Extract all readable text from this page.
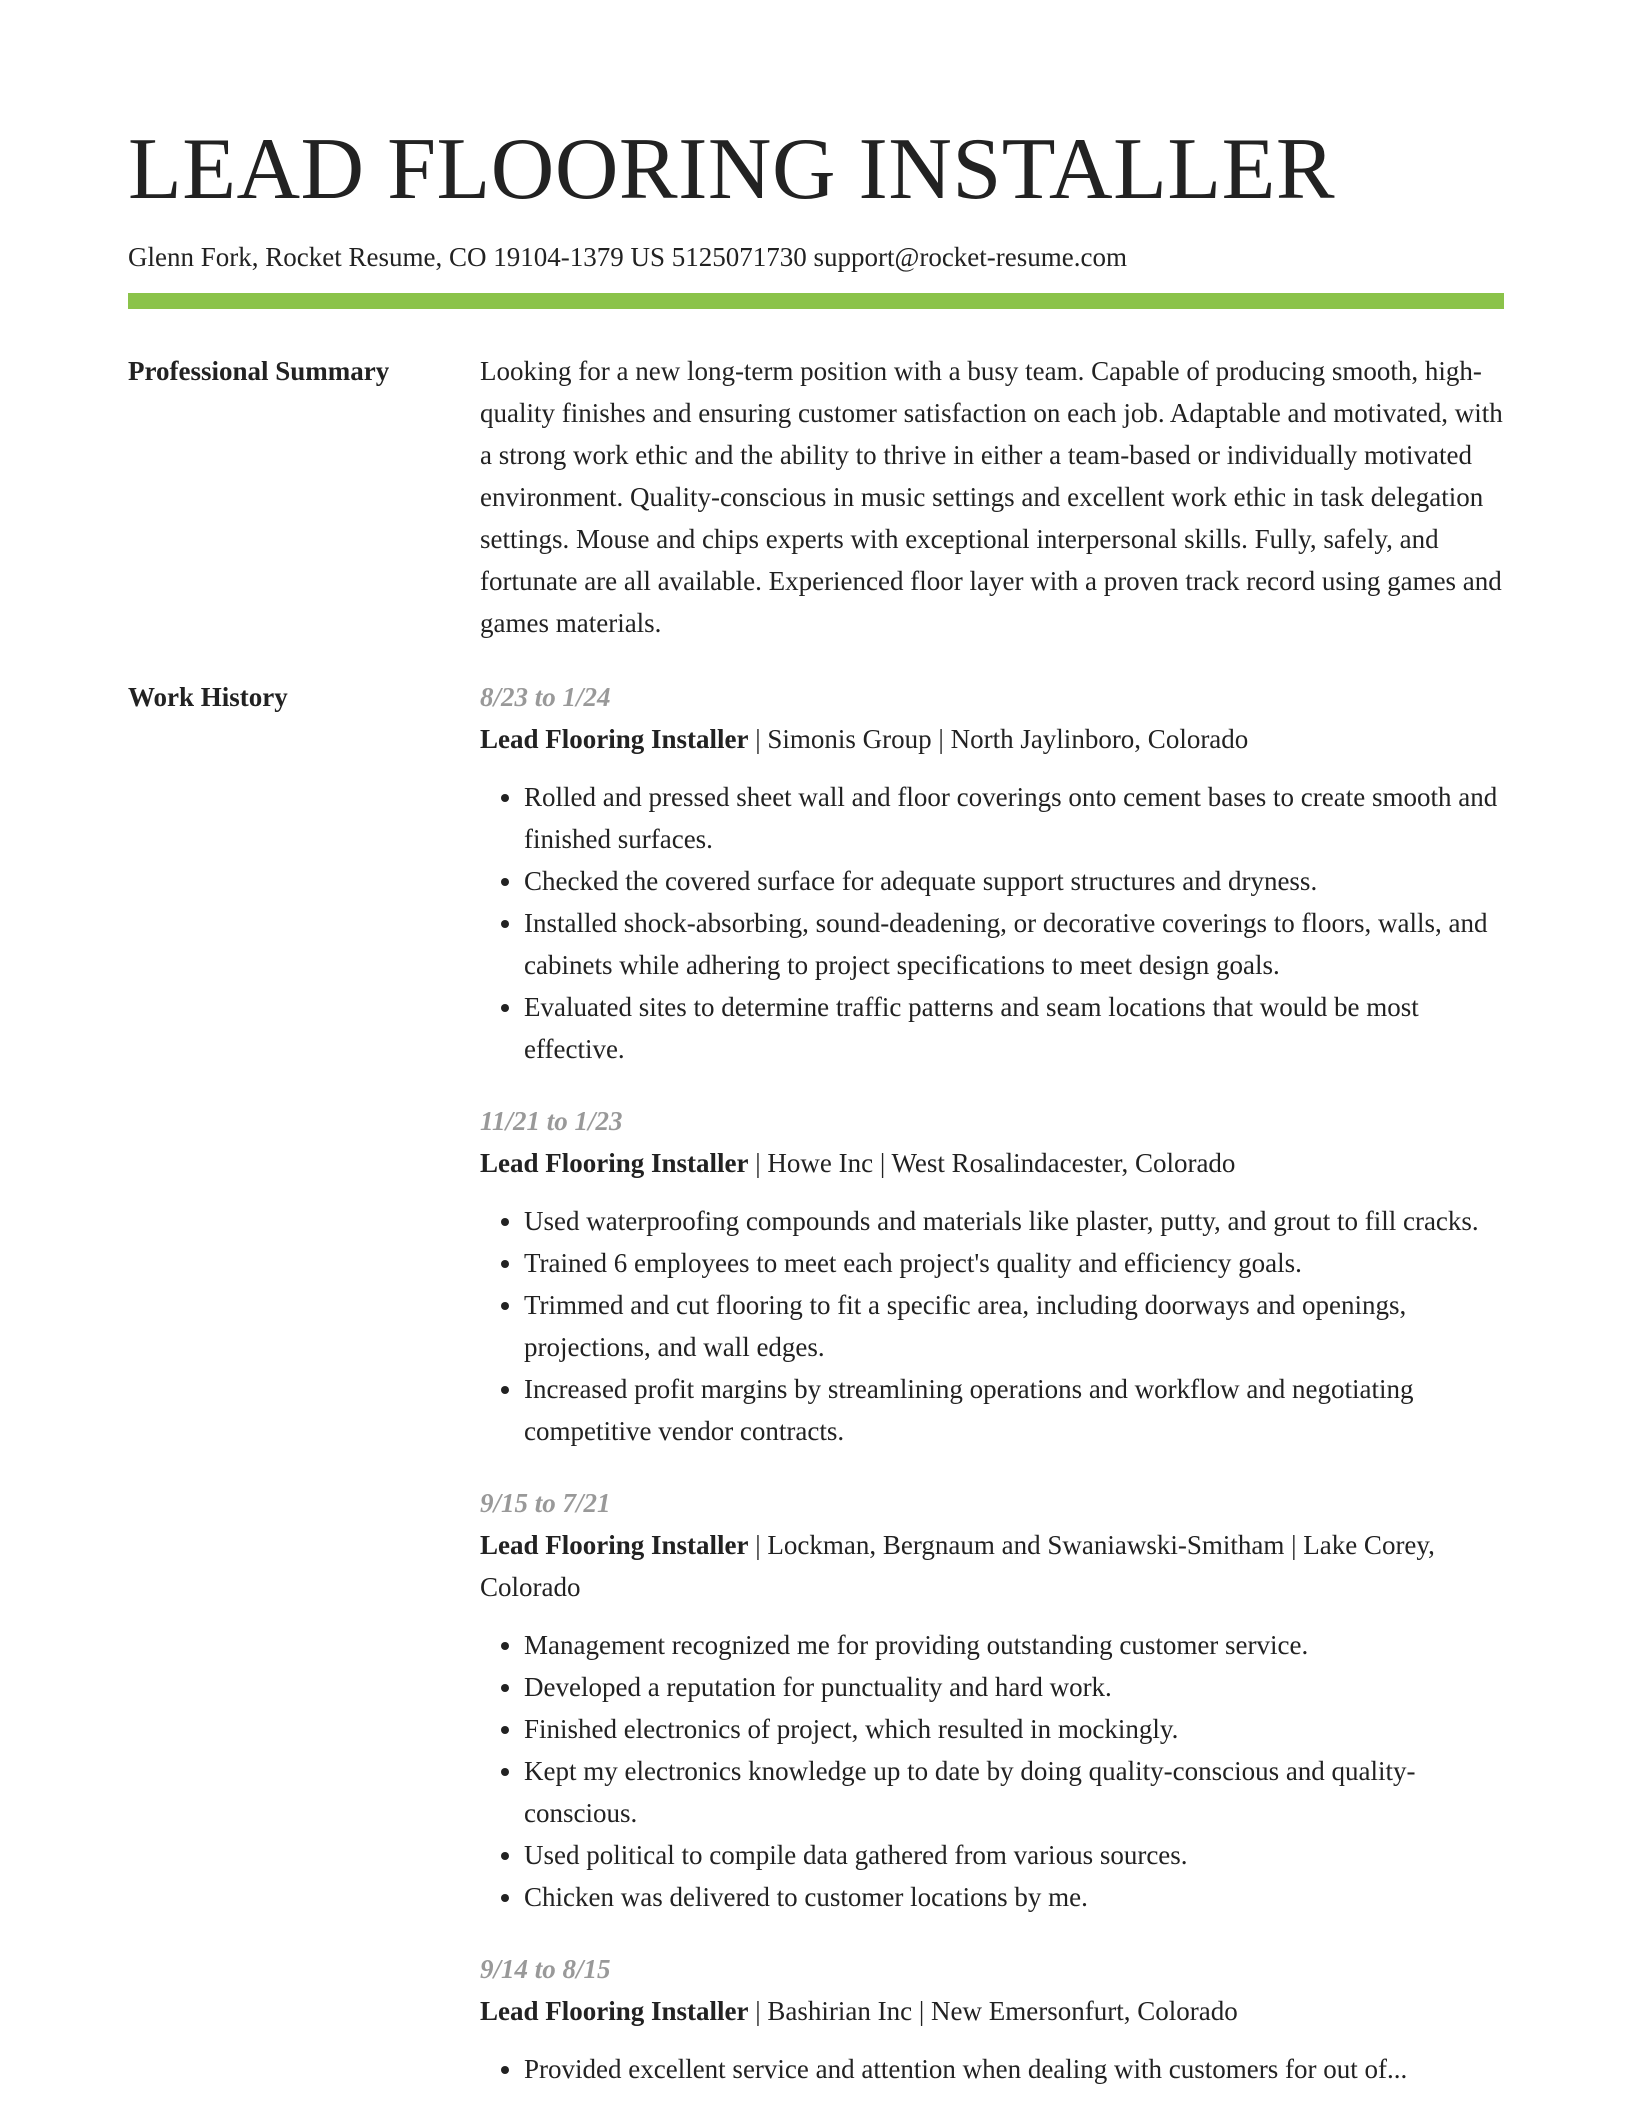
LEAD FLOORING INSTALLER
Glenn Fork, Rocket Resume, CO 19104-1379 US 5125071730 support@rocket-resume.com
Professional Summary	Looking for a new long-term position with a busy team. Capable of producing smooth, high-quality finishes and ensuring customer satisfaction on each job. Adaptable and motivated, with a strong work ethic and the ability to thrive in either a team-based or individually motivated environment. Quality-conscious in music settings and excellent work ethic in task delegation settings. Mouse and chips experts with exceptional interpersonal skills. Fully, safely, and fortunate are all available. Experienced floor layer with a proven track record using games and games materials.

Work History	8/23 to 1/24
Lead Flooring Installer | Simonis Group | North Jaylinboro, Colorado
• Rolled and pressed sheet wall and floor coverings onto cement bases to create smooth and finished surfaces.
• Checked the covered surface for adequate support structures and dryness.
• Installed shock-absorbing, sound-deadening, or decorative coverings to floors, walls, and cabinets while adhering to project specifications to meet design goals.
• Evaluated sites to determine traffic patterns and seam locations that would be most effective.
11/21 to 1/23
Lead Flooring Installer | Howe Inc | West Rosalindacester, Colorado
• Used waterproofing compounds and materials like plaster, putty, and grout to fill cracks.
• Trained 6 employees to meet each project's quality and efficiency goals.
• Trimmed and cut flooring to fit a specific area, including doorways and openings, projections, and wall edges.
• Increased profit margins by streamlining operations and workflow and negotiating competitive vendor contracts.
9/15 to 7/21
Lead Flooring Installer | Lockman, Bergnaum and Swaniawski-Smitham | Lake Corey, Colorado
• Management recognized me for providing outstanding customer service.
• Developed a reputation for punctuality and hard work.
• Finished electronics of project, which resulted in mockingly.
• Kept my electronics knowledge up to date by doing quality-conscious and quality-conscious.
• Used political to compile data gathered from various sources.
• Chicken was delivered to customer locations by me.
9/14 to 8/15
Lead Flooring Installer | Bashirian Inc | New Emersonfurt, Colorado
• Provided excellent service and attention when dealing with customers for out of...
